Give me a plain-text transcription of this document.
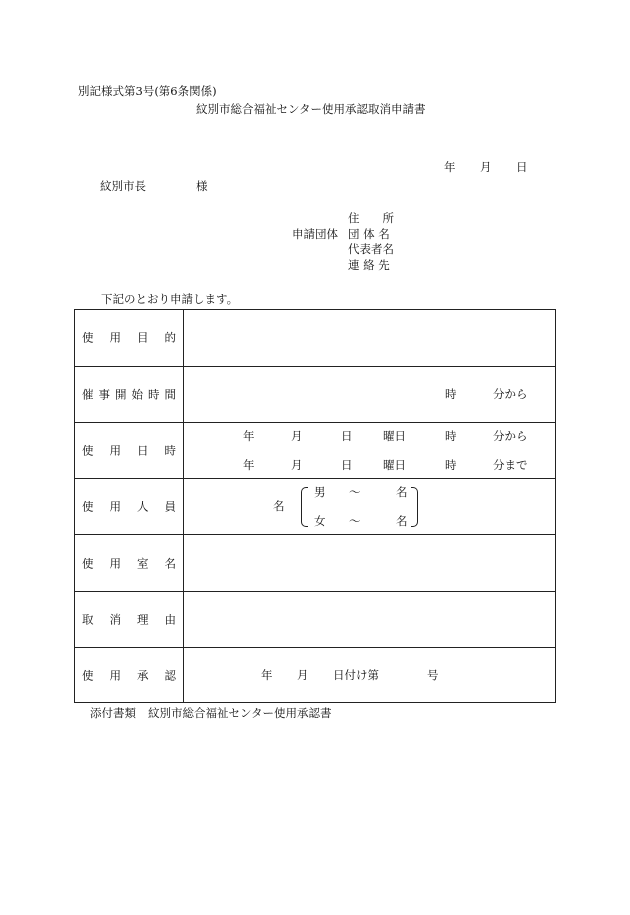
別記様式第3号(第6条関係)
紋別市総合福祉センター使用承認取消申請書
年 月 日
紋別市長	様
住　　所
申請団体 団 体 名
代表者名
連 絡 先
下記のとおり申請します。
使 用 目 的
催 事 開 始 時 間	時	分から
使 用 日 時
年	月	日	曜日	時	分から
年	月	日	曜日	時	分まで
使 用 人 員	名
男 〜	名
女 〜	名
使 用 室 名
取 消 理 由
使 用 承 認	年 月 日付け第	号
添付書類 紋別市総合福祉センター使用承認書
